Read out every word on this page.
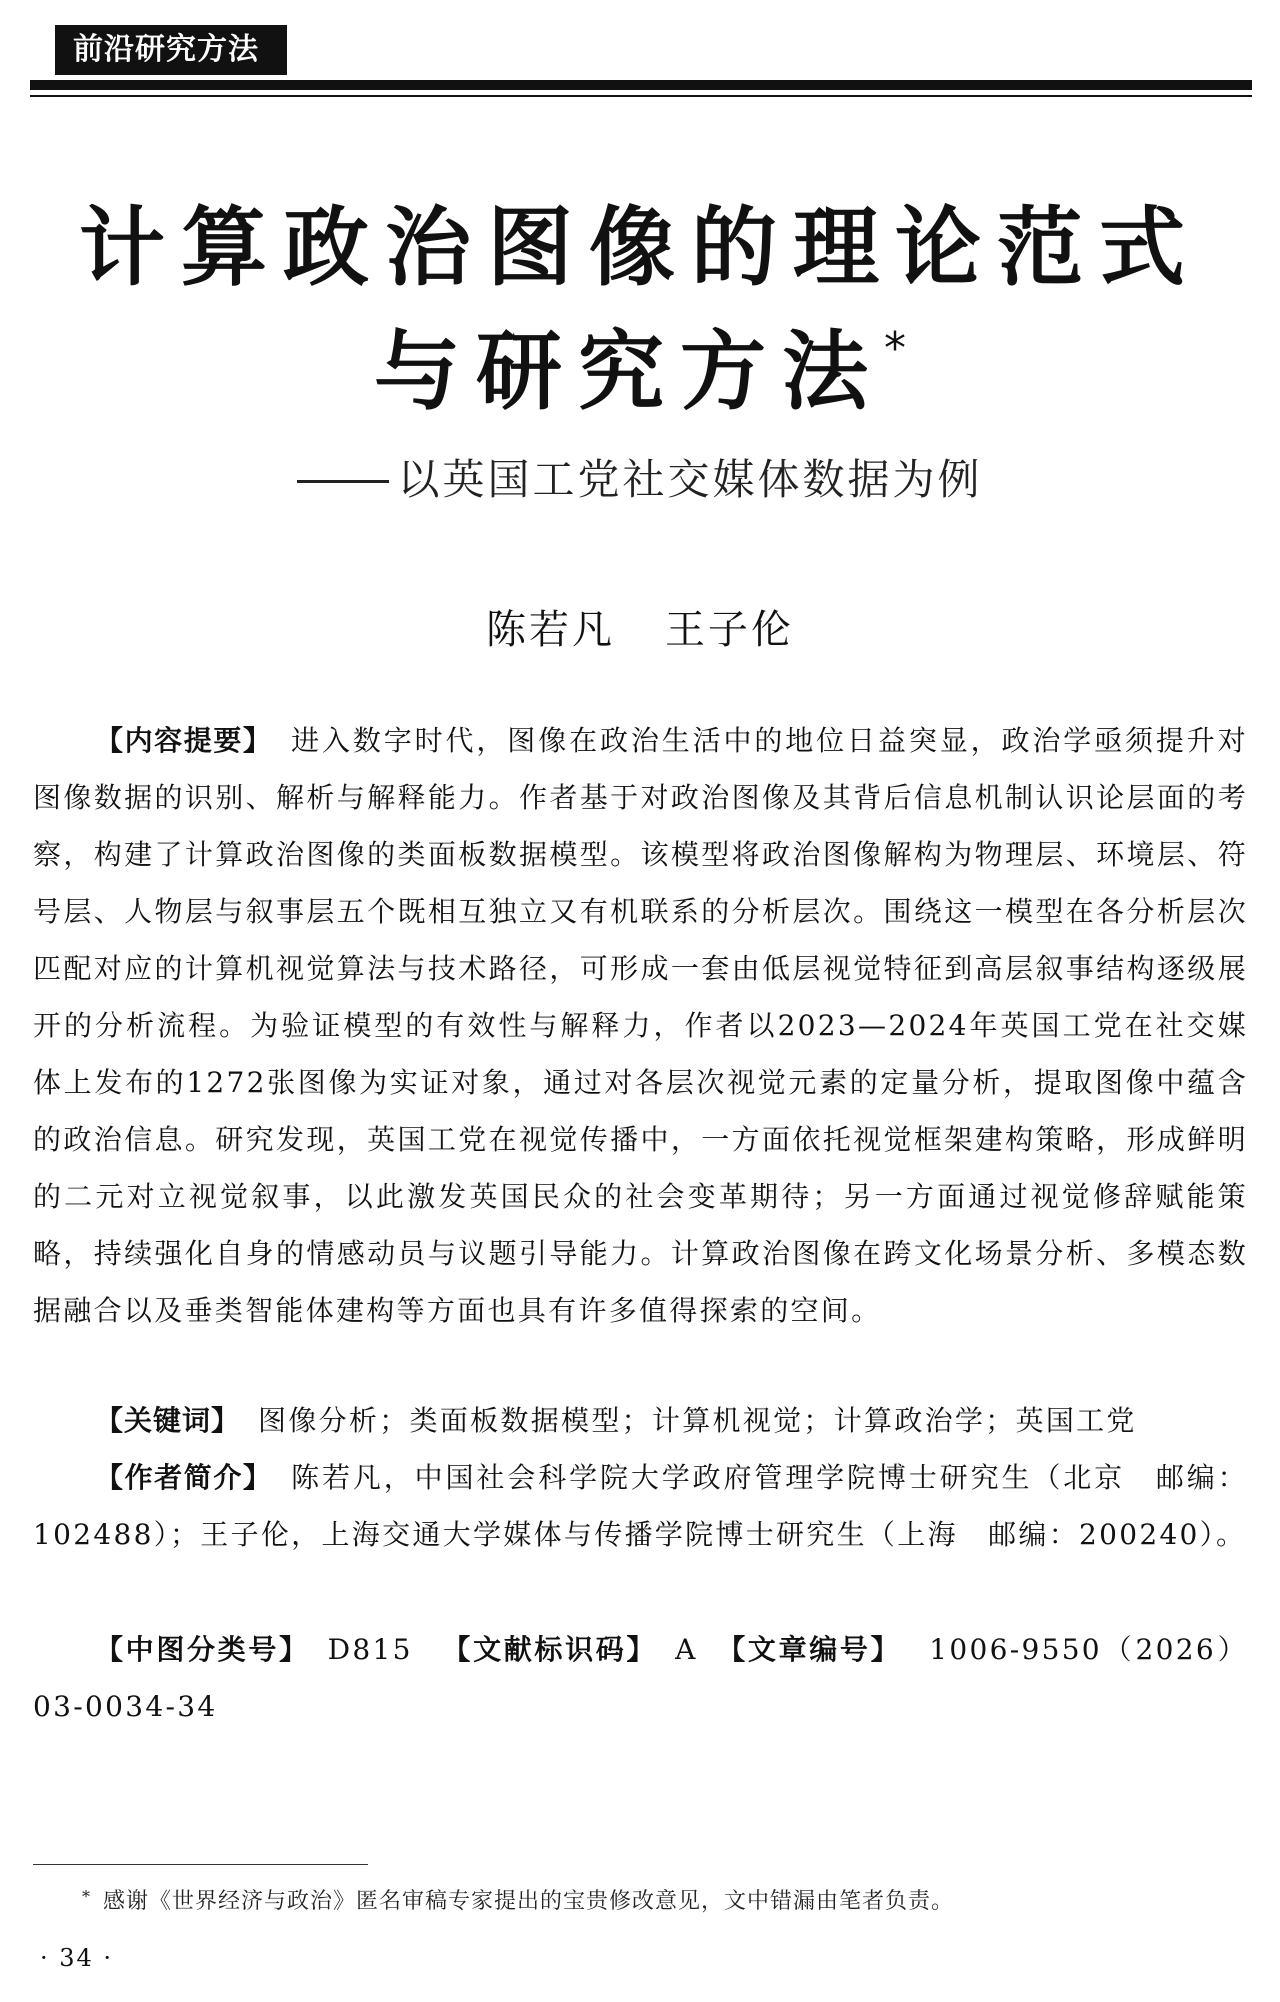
前沿研究方法
计算政治图像的理论范式
与研究方法*
以英国工党社交媒体数据为例
陈若凡 王子伦
【内容提要】 进入数字时代，图像在政治生活中的地位日益突显，政治学亟须提升对图像数据的识别、解析与解释能力。作者基于对政治图像及其背后信息机制认识论层面的考察，构建了计算政治图像的类面板数据模型。该模型将政治图像解构为物理层、环境层、符号层、人物层与叙事层五个既相互独立又有机联系的分析层次。围绕这一模型在各分析层次匹配对应的计算机视觉算法与技术路径，可形成一套由低层视觉特征到高层叙事结构逐级展开的分析流程。为验证模型的有效性与解释力，作者以2023—2024年英国工党在社交媒体上发布的1272张图像为实证对象，通过对各层次视觉元素的定量分析，提取图像中蕴含的政治信息。研究发现，英国工党在视觉传播中，一方面依托视觉框架建构策略，形成鲜明的二元对立视觉叙事，以此激发英国民众的社会变革期待；另一方面通过视觉修辞赋能策略，持续强化自身的情感动员与议题引导能力。计算政治图像在跨文化场景分析、多模态数据融合以及垂类智能体建构等方面也具有许多值得探索的空间。
【关键词】 图像分析；类面板数据模型；计算机视觉；计算政治学；英国工党
【作者简介】 陈若凡，中国社会科学院大学政府管理学院博士研究生（北京　邮编：102488）；王子伦，上海交通大学媒体与传播学院博士研究生（上海　邮编：200240）。
【中图分类号】 D815 【文献标识码】 A 【文章编号】 1006-9550（2026）03-0034-34
* 感谢《世界经济与政治》匿名审稿专家提出的宝贵修改意见，文中错漏由笔者负责。
· 34 ·
